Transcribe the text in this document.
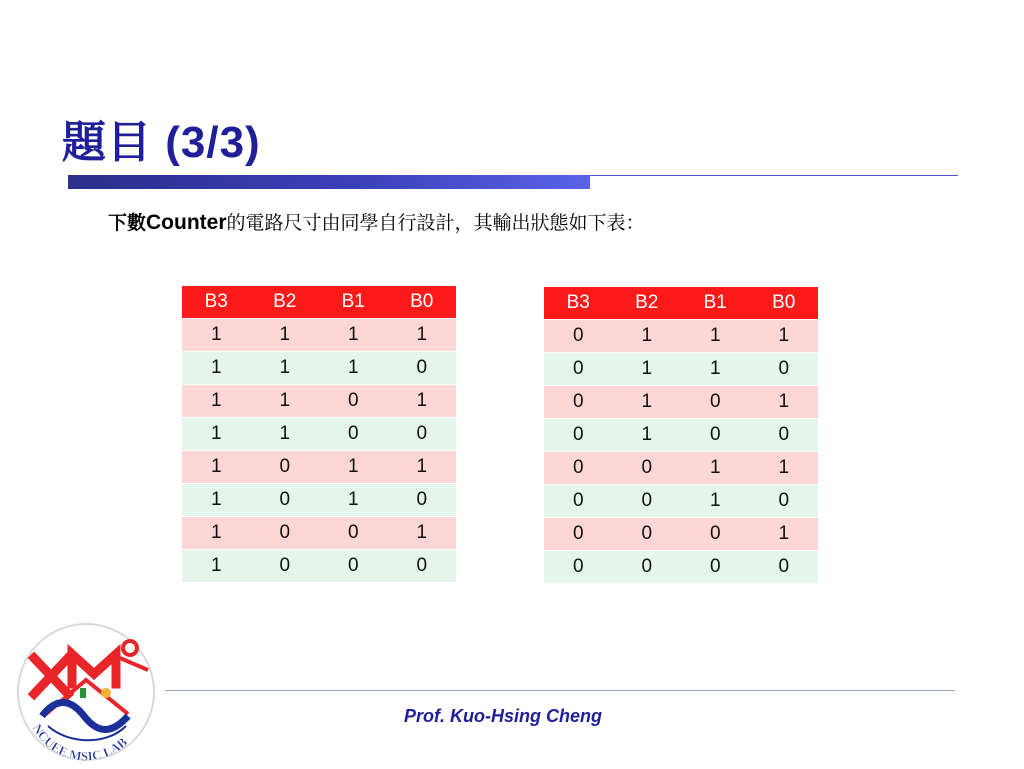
題目 (3/3)
下數Counter的電路尺寸由同學自行設計，其輸出狀態如下表：
B3	B2	B1	B0
1	1	1	1
1	1	1	0
1	1	0	1
1	1	0	0
1	0	1	1
1	0	1	0
1	0	0	1
1	0	0	0
B3	B2	B1	B0
0	1	1	1
0	1	1	0
0	1	0	1
0	1	0	0
0	0	1	1
0	0	1	0
0	0	0	1
0	0	0	0
NCUEE MSIC LAB
Prof. Kuo-Hsing Cheng
